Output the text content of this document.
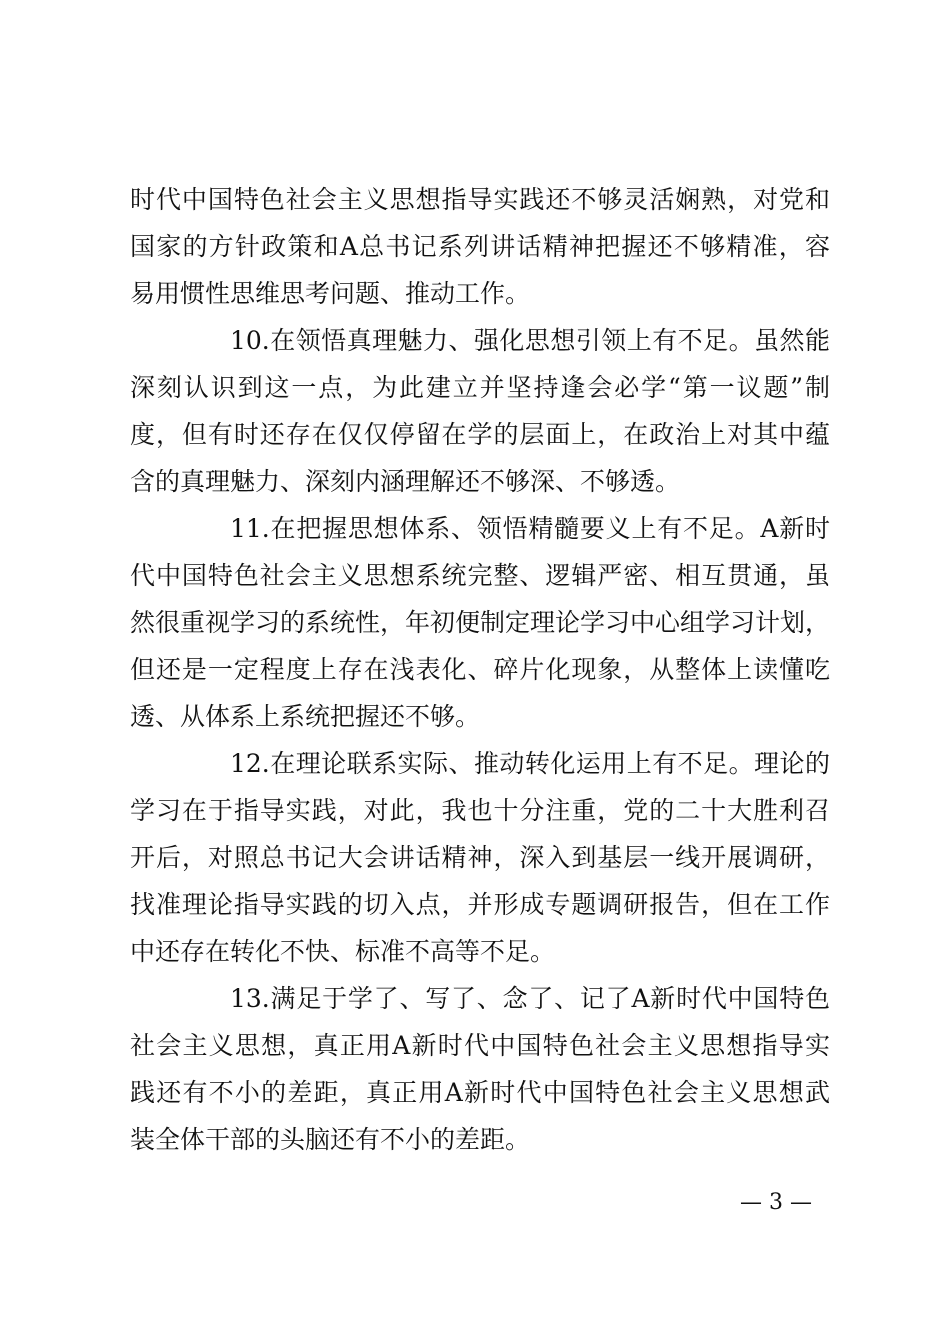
时代中国特色社会主义思想指导实践还不够灵活娴熟，对党和
国家的方针政策和A总书记系列讲话精神把握还不够精准，容
易用惯性思维思考问题、推动工作。
10.在领悟真理魅力、强化思想引领上有不足。虽然能
深刻认识到这一点，为此建立并坚持逢会必学“第一议题”制
度，但有时还存在仅仅停留在学的层面上，在政治上对其中蕴
含的真理魅力、深刻内涵理解还不够深、不够透。
11.在把握思想体系、领悟精髓要义上有不足。A新时
代中国特色社会主义思想系统完整、逻辑严密、相互贯通，虽
然很重视学习的系统性，年初便制定理论学习中心组学习计划，
但还是一定程度上存在浅表化、碎片化现象，从整体上读懂吃
透、从体系上系统把握还不够。
12.在理论联系实际、推动转化运用上有不足。理论的
学习在于指导实践，对此，我也十分注重，党的二十大胜利召
开后，对照总书记大会讲话精神，深入到基层一线开展调研，
找准理论指导实践的切入点，并形成专题调研报告，但在工作
中还存在转化不快、标准不高等不足。
13.满足于学了、写了、念了、记了A新时代中国特色
社会主义思想，真正用A新时代中国特色社会主义思想指导实
践还有不小的差距，真正用A新时代中国特色社会主义思想武
装全体干部的头脑还有不小的差距。
— 3 —
